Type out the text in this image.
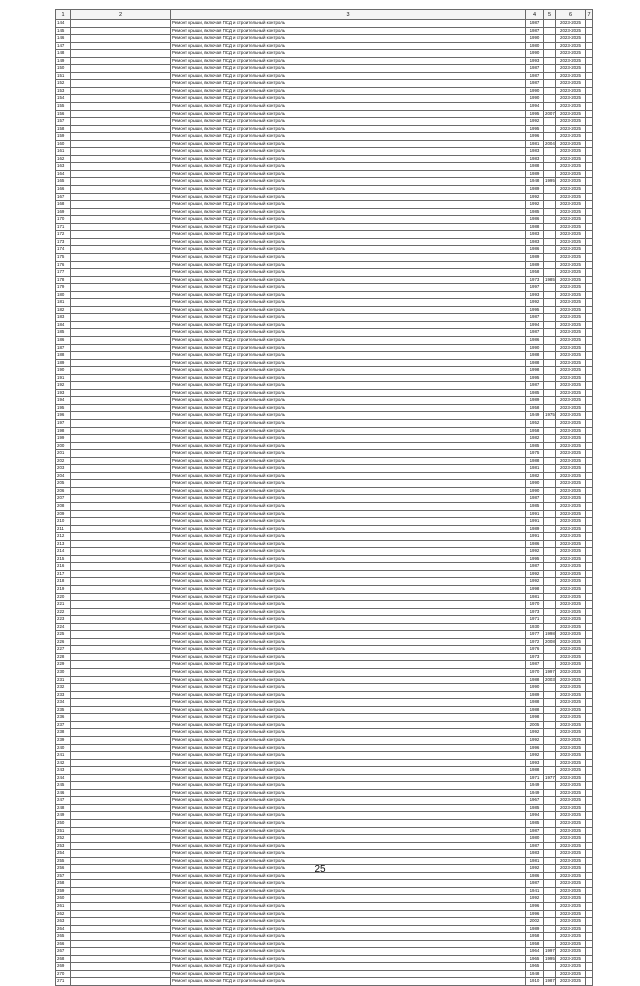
1	2	3	4	5	6	7
144		Ремонт крыши, включая ПСД и строительный контроль	1987		2023-2025	
145		Ремонт крыши, включая ПСД и строительный контроль	1987		2023-2025	
146		Ремонт крыши, включая ПСД и строительный контроль	1990		2023-2025	
147		Ремонт крыши, включая ПСД и строительный контроль	1980		2023-2025	
148		Ремонт крыши, включая ПСД и строительный контроль	1990		2023-2025	
149		Ремонт крыши, включая ПСД и строительный контроль	1993		2023-2025	
150		Ремонт крыши, включая ПСД и строительный контроль	1987		2023-2025	
151		Ремонт крыши, включая ПСД и строительный контроль	1987		2023-2025	
152		Ремонт крыши, включая ПСД и строительный контроль	1987		2023-2025	
153		Ремонт крыши, включая ПСД и строительный контроль	1990		2023-2025	
154		Ремонт крыши, включая ПСД и строительный контроль	1990		2023-2025	
155		Ремонт крыши, включая ПСД и строительный контроль	1994		2023-2025	
156		Ремонт крыши, включая ПСД и строительный контроль	1995	2007	2023-2025	
157		Ремонт крыши, включая ПСД и строительный контроль	1992		2023-2025	
158		Ремонт крыши, включая ПСД и строительный контроль	1995		2023-2025	
159		Ремонт крыши, включая ПСД и строительный контроль	1996		2023-2025	
160		Ремонт крыши, включая ПСД и строительный контроль	1981	2004	2023-2025	
161		Ремонт крыши, включая ПСД и строительный контроль	1983		2023-2025	
162		Ремонт крыши, включая ПСД и строительный контроль	1983		2023-2025	
163		Ремонт крыши, включая ПСД и строительный контроль	1988		2023-2025	
164		Ремонт крыши, включая ПСД и строительный контроль	1989		2023-2025	
165		Ремонт крыши, включая ПСД и строительный контроль	1948	1995	2023-2025	
166		Ремонт крыши, включая ПСД и строительный контроль	1989		2023-2025	
167		Ремонт крыши, включая ПСД и строительный контроль	1992		2023-2025	
168		Ремонт крыши, включая ПСД и строительный контроль	1992		2023-2025	
169		Ремонт крыши, включая ПСД и строительный контроль	1985		2023-2025	
170		Ремонт крыши, включая ПСД и строительный контроль	1986		2023-2025	
171		Ремонт крыши, включая ПСД и строительный контроль	1988		2023-2025	
172		Ремонт крыши, включая ПСД и строительный контроль	1983		2023-2025	
173		Ремонт крыши, включая ПСД и строительный контроль	1983		2023-2025	
174		Ремонт крыши, включая ПСД и строительный контроль	1986		2023-2025	
175		Ремонт крыши, включая ПСД и строительный контроль	1989		2023-2025	
176		Ремонт крыши, включая ПСД и строительный контроль	1989		2023-2025	
177		Ремонт крыши, включая ПСД и строительный контроль	1958		2023-2025	
178		Ремонт крыши, включая ПСД и строительный контроль	1973	1985	2023-2025	
179		Ремонт крыши, включая ПСД и строительный контроль	1997		2023-2025	
180		Ремонт крыши, включая ПСД и строительный контроль	1993		2023-2025	
181		Ремонт крыши, включая ПСД и строительный контроль	1992		2023-2025	
182		Ремонт крыши, включая ПСД и строительный контроль	1995		2023-2025	
183		Ремонт крыши, включая ПСД и строительный контроль	1987		2023-2025	
184		Ремонт крыши, включая ПСД и строительный контроль	1994		2023-2025	
185		Ремонт крыши, включая ПСД и строительный контроль	1987		2023-2025	
186		Ремонт крыши, включая ПСД и строительный контроль	1986		2023-2025	
187		Ремонт крыши, включая ПСД и строительный контроль	1990		2023-2025	
188		Ремонт крыши, включая ПСД и строительный контроль	1988		2023-2025	
189		Ремонт крыши, включая ПСД и строительный контроль	1988		2023-2025	
190		Ремонт крыши, включая ПСД и строительный контроль	1998		2023-2025	
191		Ремонт крыши, включая ПСД и строительный контроль	1995		2023-2025	
192		Ремонт крыши, включая ПСД и строительный контроль	1987		2023-2025	
193		Ремонт крыши, включая ПСД и строительный контроль	1985		2023-2025	
194		Ремонт крыши, включая ПСД и строительный контроль	1989		2023-2025	
195		Ремонт крыши, включая ПСД и строительный контроль	1958		2023-2025	
196		Ремонт крыши, включая ПСД и строительный контроль	1949	1975	2023-2025	
197		Ремонт крыши, включая ПСД и строительный контроль	1952		2023-2025	
198		Ремонт крыши, включая ПСД и строительный контроль	1958		2023-2025	
199		Ремонт крыши, включая ПСД и строительный контроль	1982		2023-2025	
200		Ремонт крыши, включая ПСД и строительный контроль	1985		2023-2025	
201		Ремонт крыши, включая ПСД и строительный контроль	1975		2023-2025	
202		Ремонт крыши, включая ПСД и строительный контроль	1988		2023-2025	
203		Ремонт крыши, включая ПСД и строительный контроль	1981		2023-2025	
204		Ремонт крыши, включая ПСД и строительный контроль	1982		2023-2025	
205		Ремонт крыши, включая ПСД и строительный контроль	1990		2023-2025	
206		Ремонт крыши, включая ПСД и строительный контроль	1990		2023-2025	
207		Ремонт крыши, включая ПСД и строительный контроль	1987		2023-2025	
208		Ремонт крыши, включая ПСД и строительный контроль	1985		2023-2025	
209		Ремонт крыши, включая ПСД и строительный контроль	1991		2023-2025	
210		Ремонт крыши, включая ПСД и строительный контроль	1991		2023-2025	
211		Ремонт крыши, включая ПСД и строительный контроль	1989		2023-2025	
212		Ремонт крыши, включая ПСД и строительный контроль	1991		2023-2025	
213		Ремонт крыши, включая ПСД и строительный контроль	1986		2023-2025	
214		Ремонт крыши, включая ПСД и строительный контроль	1992		2023-2025	
215		Ремонт крыши, включая ПСД и строительный контроль	1995		2023-2025	
216		Ремонт крыши, включая ПСД и строительный контроль	1987		2023-2025	
217		Ремонт крыши, включая ПСД и строительный контроль	1992		2023-2025	
218		Ремонт крыши, включая ПСД и строительный контроль	1992		2023-2025	
219		Ремонт крыши, включая ПСД и строительный контроль	1998		2023-2025	
220		Ремонт крыши, включая ПСД и строительный контроль	1981		2023-2025	
221		Ремонт крыши, включая ПСД и строительный контроль	1970		2023-2025	
222		Ремонт крыши, включая ПСД и строительный контроль	1973		2023-2025	
223		Ремонт крыши, включая ПСД и строительный контроль	1971		2023-2025	
224		Ремонт крыши, включая ПСД и строительный контроль	1930		2023-2025	
225		Ремонт крыши, включая ПСД и строительный контроль	1977	1998	2023-2025	
226		Ремонт крыши, включая ПСД и строительный контроль	1972	2008	2023-2025	
227		Ремонт крыши, включая ПСД и строительный контроль	1976		2023-2025	
228		Ремонт крыши, включая ПСД и строительный контроль	1973		2023-2025	
229		Ремонт крыши, включая ПСД и строительный контроль	1987		2023-2025	
230		Ремонт крыши, включая ПСД и строительный контроль	1970	1997	2023-2025	
231		Ремонт крыши, включая ПСД и строительный контроль	1988	2003	2023-2025	
232		Ремонт крыши, включая ПСД и строительный контроль	1990		2023-2025	
233		Ремонт крыши, включая ПСД и строительный контроль	1989		2023-2025	
234		Ремонт крыши, включая ПСД и строительный контроль	1988		2023-2025	
235		Ремонт крыши, включая ПСД и строительный контроль	1988		2023-2025	
236		Ремонт крыши, включая ПСД и строительный контроль	1998		2023-2025	
237		Ремонт крыши, включая ПСД и строительный контроль	2005		2023-2025	
238		Ремонт крыши, включая ПСД и строительный контроль	1992		2023-2025	
239		Ремонт крыши, включая ПСД и строительный контроль	1992		2023-2025	
240		Ремонт крыши, включая ПСД и строительный контроль	1996		2023-2025	
241		Ремонт крыши, включая ПСД и строительный контроль	1992		2023-2025	
242		Ремонт крыши, включая ПСД и строительный контроль	1993		2023-2025	
243		Ремонт крыши, включая ПСД и строительный контроль	1988		2023-2025	
244		Ремонт крыши, включая ПСД и строительный контроль	1971	1977	2023-2025	
245		Ремонт крыши, включая ПСД и строительный контроль	1949		2023-2025	
246		Ремонт крыши, включая ПСД и строительный контроль	1949		2023-2025	
247		Ремонт крыши, включая ПСД и строительный контроль	1967		2023-2025	
248		Ремонт крыши, включая ПСД и строительный контроль	1985		2023-2025	
249		Ремонт крыши, включая ПСД и строительный контроль	1994		2023-2025	
250		Ремонт крыши, включая ПСД и строительный контроль	1985		2023-2025	
251		Ремонт крыши, включая ПСД и строительный контроль	1987		2023-2025	
252		Ремонт крыши, включая ПСД и строительный контроль	1980		2023-2025	
253		Ремонт крыши, включая ПСД и строительный контроль	1987		2023-2025	
254		Ремонт крыши, включая ПСД и строительный контроль	1983		2023-2025	
255		Ремонт крыши, включая ПСД и строительный контроль	1981		2023-2025	
256		Ремонт крыши, включая ПСД и строительный контроль	1992		2023-2025	
257		Ремонт крыши, включая ПСД и строительный контроль	1986		2023-2025	
258		Ремонт крыши, включая ПСД и строительный контроль	1987		2023-2025	
259		Ремонт крыши, включая ПСД и строительный контроль	1941		2023-2025	
260		Ремонт крыши, включая ПСД и строительный контроль	1992		2023-2025	
261		Ремонт крыши, включая ПСД и строительный контроль	1996		2023-2025	
262		Ремонт крыши, включая ПСД и строительный контроль	1996		2023-2025	
263		Ремонт крыши, включая ПСД и строительный контроль	2002		2023-2025	
264		Ремонт крыши, включая ПСД и строительный контроль	1989		2023-2025	
265		Ремонт крыши, включая ПСД и строительный контроль	1958		2023-2025	
266		Ремонт крыши, включая ПСД и строительный контроль	1958		2023-2025	
267		Ремонт крыши, включая ПСД и строительный контроль	1964	1997	2023-2025	
268		Ремонт крыши, включая ПСД и строительный контроль	1965	1995	2023-2025	
269		Ремонт крыши, включая ПСД и строительный контроль	1965		2023-2025	
270		Ремонт крыши, включая ПСД и строительный контроль	1948		2023-2025	
271		Ремонт крыши, включая ПСД и строительный контроль	1910	1987	2023-2025	
25
